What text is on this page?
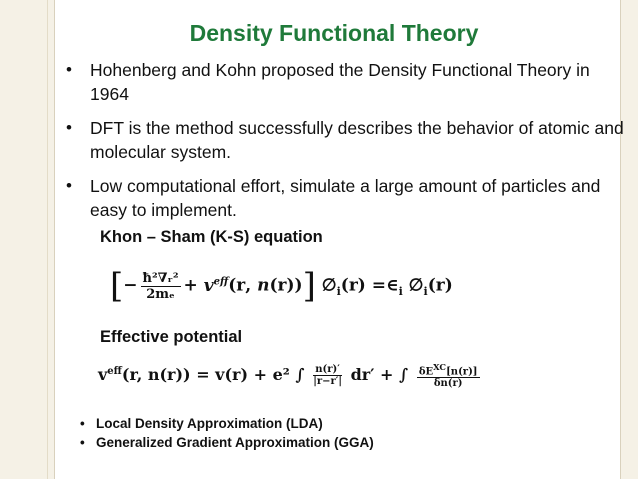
Density Functional Theory
• Hohenberg and Kohn proposed the Density Functional Theory in 1964
• DFT is the method successfully describes the behavior of atomic and molecular system.
• Low computational effort, simulate a large amount of particles and easy to implement.
Khon – Sham (K-S) equation
[− $\frac{\text{ħ²∇ᵣ²}}{\text{2mₑ}} + v^{eff}(r$, n(r))] $\emptyset_i(r)$ $=\in_i$ $\emptyset_i(r)$
Effective potential
$v^{eff}(r$, n(r)) = v(r) + e² ∫ $\frac{n(r)'}{|r-r'|} dr'$ + ∫ $\frac{\delta E^{XC}[n(r)]}{\delta n(r)}$
• Local Density Approximation (LDA)
• Generalized Gradient Approximation (GGA)
